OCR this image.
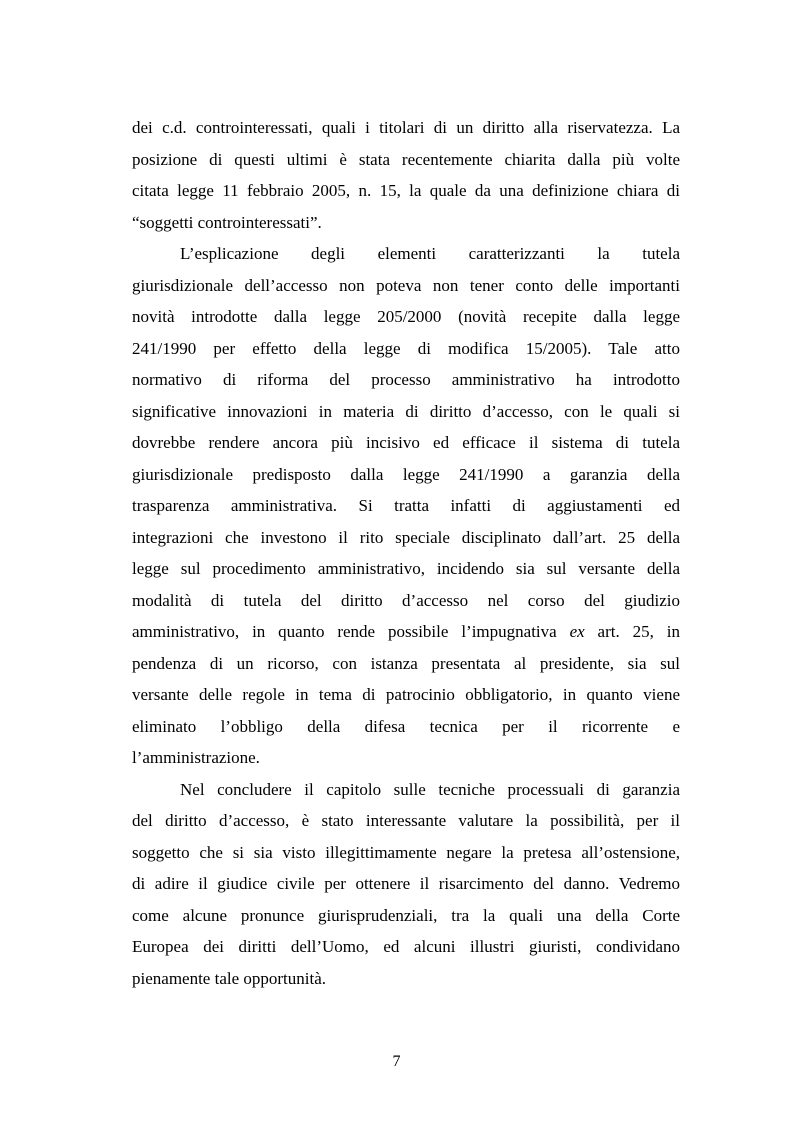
dei c.d. controinteressati, quali i titolari di un diritto alla riservatezza. La
posizione di questi ultimi è stata recentemente chiarita dalla più volte
citata legge 11 febbraio 2005, n. 15, la quale da una definizione chiara di
“soggetti controinteressati”.

L’esplicazione degli elementi caratterizzanti la tutela
giurisdizionale dell’accesso non poteva non tener conto delle importanti
novità introdotte dalla legge 205/2000 (novità recepite dalla legge
241/1990 per effetto della legge di modifica 15/2005). Tale atto
normativo di riforma del processo amministrativo ha introdotto
significative innovazioni in materia di diritto d’accesso, con le quali si
dovrebbe rendere ancora più incisivo ed efficace il sistema di tutela
giurisdizionale predisposto dalla legge 241/1990 a garanzia della
trasparenza amministrativa. Si tratta infatti di aggiustamenti ed
integrazioni che investono il rito speciale disciplinato dall’art. 25 della
legge sul procedimento amministrativo, incidendo sia sul versante della
modalità di tutela del diritto d’accesso nel corso del giudizio
amministrativo, in quanto rende possibile l’impugnativa ex art. 25, in
pendenza di un ricorso, con istanza presentata al presidente, sia sul
versante delle regole in tema di patrocinio obbligatorio, in quanto viene
eliminato l’obbligo della difesa tecnica per il ricorrente e
l’amministrazione.

Nel concludere il capitolo sulle tecniche processuali di garanzia
del diritto d’accesso, è stato interessante valutare la possibilità, per il
soggetto che si sia visto illegittimamente negare la pretesa all’ostensione,
di adire il giudice civile per ottenere il risarcimento del danno. Vedremo
come alcune pronunce giurisprudenziali, tra la quali una della Corte
Europea dei diritti dell’Uomo, ed alcuni illustri giuristi, condividano
pienamente tale opportunità.

7
